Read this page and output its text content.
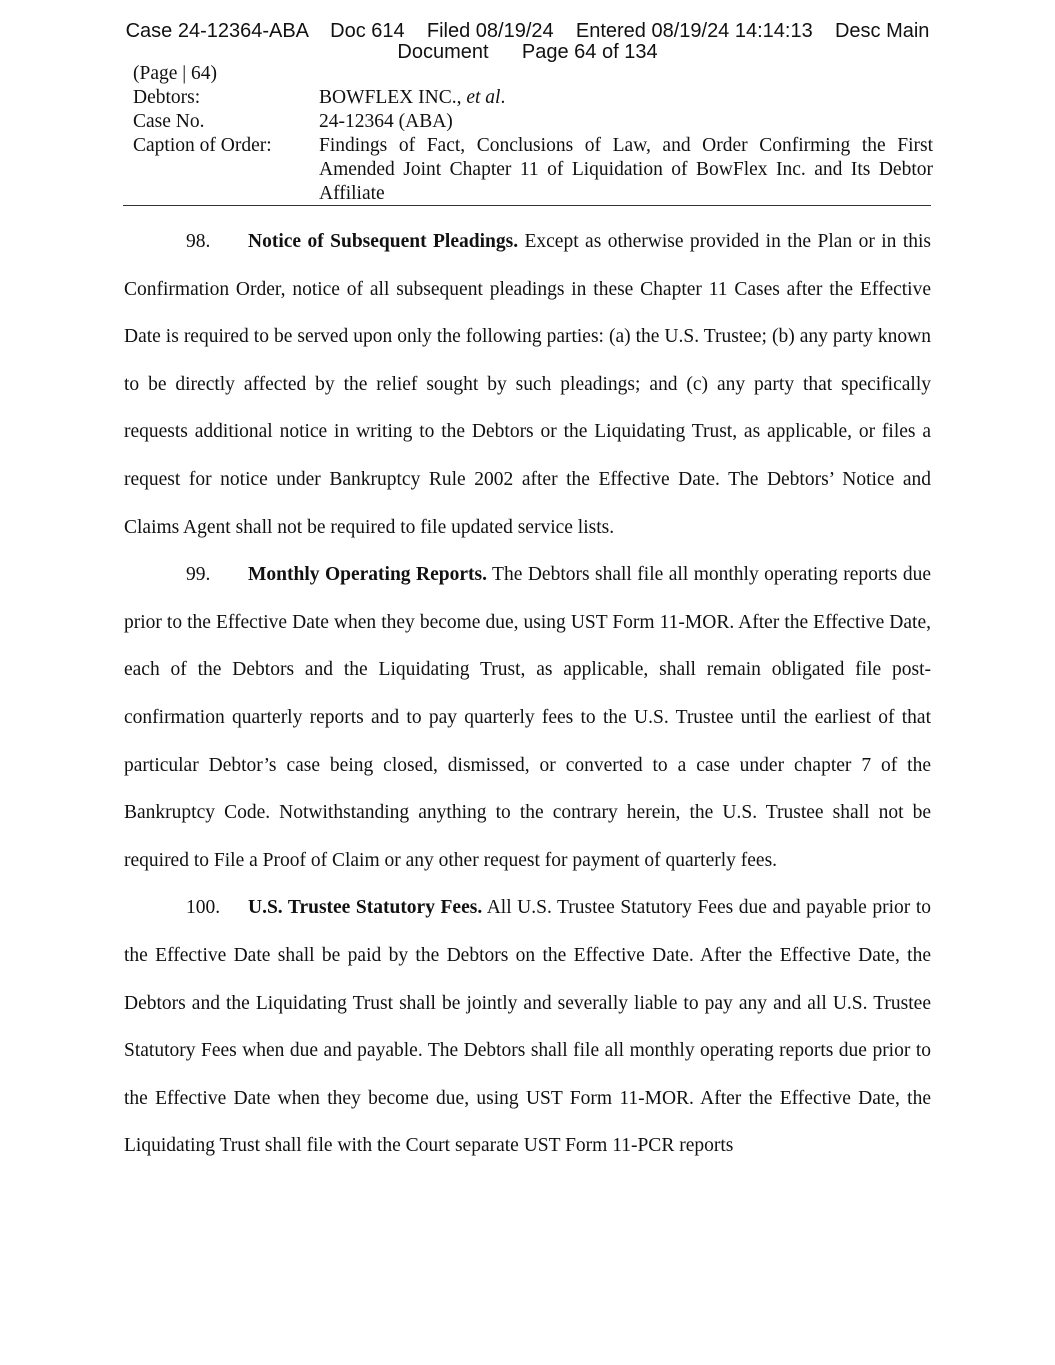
Case 24-12364-ABA    Doc 614    Filed 08/19/24    Entered 08/19/24 14:14:13    Desc Main
Document      Page 64 of 134
(Page | 64)
Debtors:	BOWFLEX INC., et al.
Case No.	24-12364 (ABA)
Caption of Order:	Findings of Fact, Conclusions of Law, and Order Confirming the First Amended Joint Chapter 11 of Liquidation of BowFlex Inc. and Its Debtor Affiliate

98. Notice of Subsequent Pleadings. Except as otherwise provided in the Plan or in this Confirmation Order, notice of all subsequent pleadings in these Chapter 11 Cases after the Effective Date is required to be served upon only the following parties: (a) the U.S. Trustee; (b) any party known to be directly affected by the relief sought by such pleadings; and (c) any party that specifically requests additional notice in writing to the Debtors or the Liquidating Trust, as applicable, or files a request for notice under Bankruptcy Rule 2002 after the Effective Date. The Debtors’ Notice and Claims Agent shall not be required to file updated service lists.

99. Monthly Operating Reports. The Debtors shall file all monthly operating reports due prior to the Effective Date when they become due, using UST Form 11-MOR. After the Effective Date, each of the Debtors and the Liquidating Trust, as applicable, shall remain obligated file post-confirmation quarterly reports and to pay quarterly fees to the U.S. Trustee until the earliest of that particular Debtor’s case being closed, dismissed, or converted to a case under chapter 7 of the Bankruptcy Code. Notwithstanding anything to the contrary herein, the U.S. Trustee shall not be required to File a Proof of Claim or any other request for payment of quarterly fees.

100. U.S. Trustee Statutory Fees. All U.S. Trustee Statutory Fees due and payable prior to the Effective Date shall be paid by the Debtors on the Effective Date. After the Effective Date, the Debtors and the Liquidating Trust shall be jointly and severally liable to pay any and all U.S. Trustee Statutory Fees when due and payable. The Debtors shall file all monthly operating reports due prior to the Effective Date when they become due, using UST Form 11-MOR. After the Effective Date, the Liquidating Trust shall file with the Court separate UST Form 11-PCR reports
